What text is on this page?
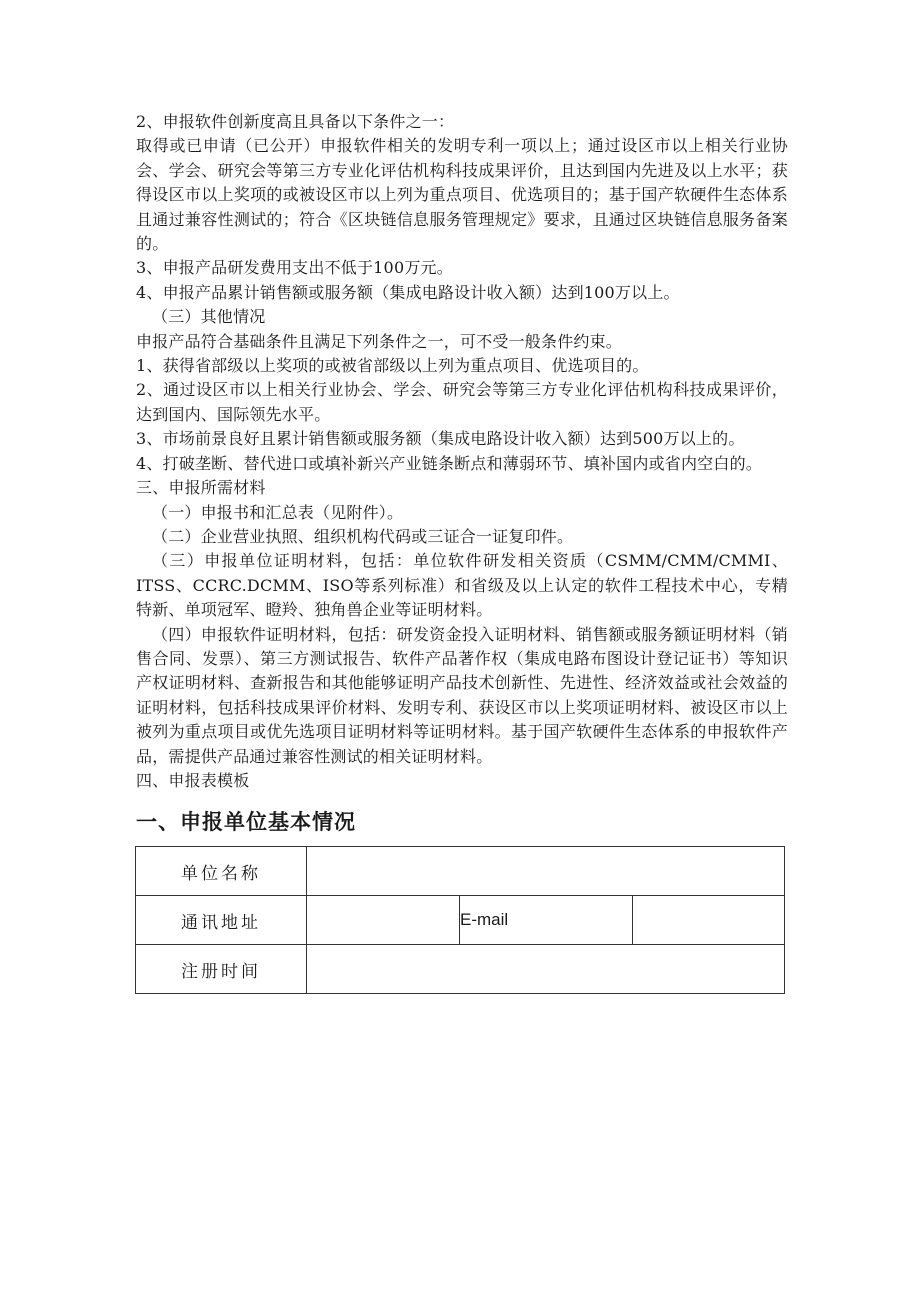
2、申报软件创新度高且具备以下条件之一：

取得或已申请（已公开）申报软件相关的发明专利一项以上；通过设区市以上相关行业协会、学会、研究会等第三方专业化评估机构科技成果评价，且达到国内先进及以上水平；获得设区市以上奖项的或被设区市以上列为重点项目、优选项目的；基于国产软硬件生态体系且通过兼容性测试的；符合《区块链信息服务管理规定》要求，且通过区块链信息服务备案的。

3、申报产品研发费用支出不低于100万元。

4、申报产品累计销售额或服务额（集成电路设计收入额）达到100万以上。

（三）其他情况

申报产品符合基础条件且满足下列条件之一，可不受一般条件约束。

1、获得省部级以上奖项的或被省部级以上列为重点项目、优选项目的。

2、通过设区市以上相关行业协会、学会、研究会等第三方专业化评估机构科技成果评价，达到国内、国际领先水平。

3、市场前景良好且累计销售额或服务额（集成电路设计收入额）达到500万以上的。

4、打破垄断、替代进口或填补新兴产业链条断点和薄弱环节、填补国内或省内空白的。

三、申报所需材料

（一）申报书和汇总表（见附件）。

（二）企业营业执照、组织机构代码或三证合一证复印件。

（三）申报单位证明材料，包括：单位软件研发相关资质（CSMM/CMM/CMMI、ITSS、CCRC.DCMM、ISO等系列标准）和省级及以上认定的软件工程技术中心，专精特新、单项冠军、瞪羚、独角兽企业等证明材料。

（四）申报软件证明材料，包括：研发资金投入证明材料、销售额或服务额证明材料（销售合同、发票）、第三方测试报告、软件产品著作权（集成电路布图设计登记证书）等知识产权证明材料、查新报告和其他能够证明产品技术创新性、先进性、经济效益或社会效益的证明材料，包括科技成果评价材料、发明专利、获设区市以上奖项证明材料、被设区市以上被列为重点项目或优先选项目证明材料等证明材料。基于国产软硬件生态体系的申报软件产品，需提供产品通过兼容性测试的相关证明材料。

四、申报表模板

一、申报单位基本情况
单位名称			
通讯地址		E-mail	
注册时间			
